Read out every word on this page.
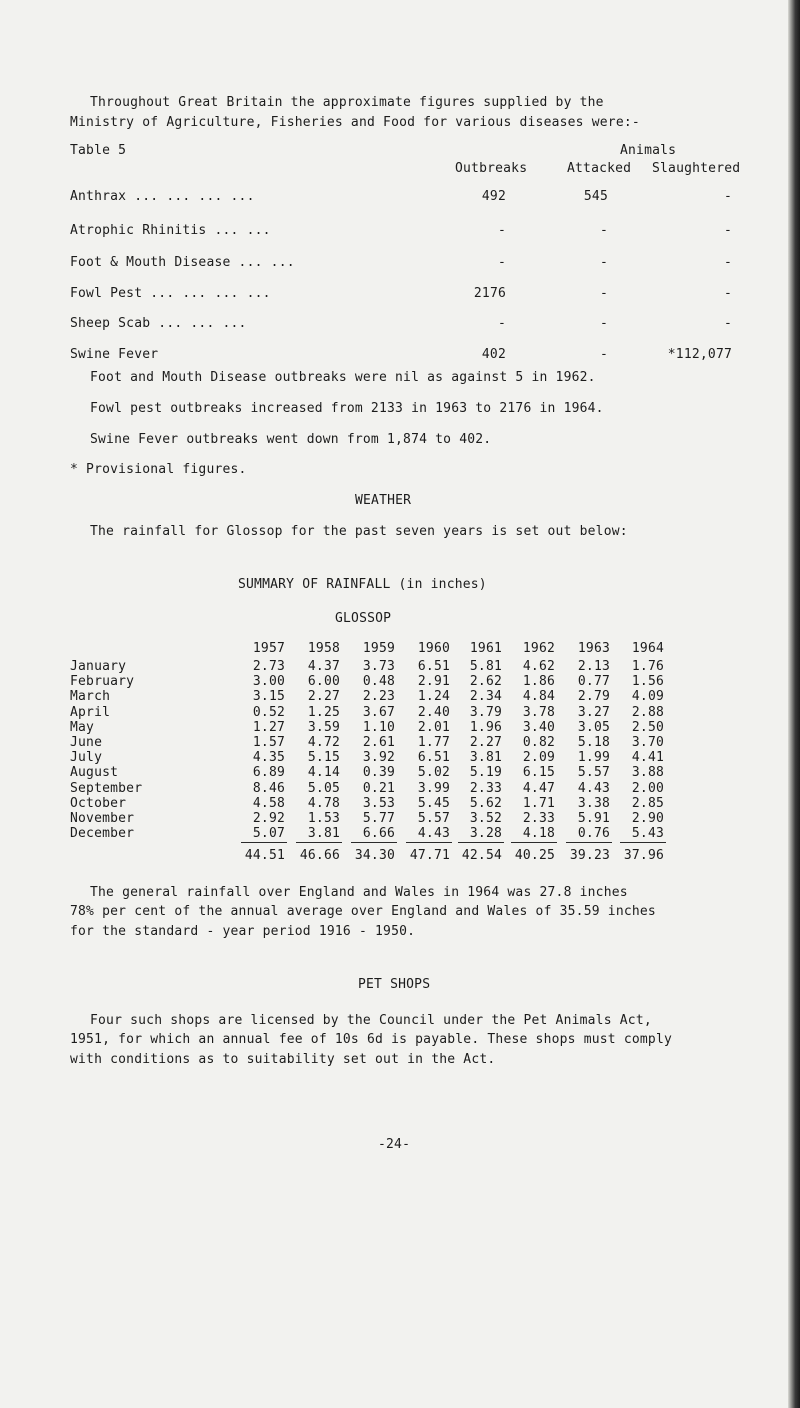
Throughout Great Britain the approximate figures supplied by the
Ministry of Agriculture, Fisheries and Food for various diseases were:-
Table 5	Animals
Outbreaks	Attacked Slaughtered
Anthrax ... ... ... ...	492	545	-
Atrophic Rhinitis ... ...	-	-	-
Foot & Mouth Disease ... ...	-	-	-
Fowl Pest ... ... ... ...	2176	-	-
Sheep Scab ... ... ...	-	-	-
Swine Fever	402	-	*112,077
Foot and Mouth Disease outbreaks were nil as against 5 in 1962.
Fowl pest outbreaks increased from 2133 in 1963 to 2176 in 1964.
Swine Fever outbreaks went down from 1,874 to 402.
* Provisional figures.
WEATHER
The rainfall for Glossop for the past seven years is set out below:
SUMMARY OF RAINFALL (in inches)
GLOSSOP
1957	1958	1959	1960	1961	1962	1963	1964
January	2.73	4.37	3.73	6.51	5.81	4.62	2.13	1.76
February	3.00	6.00	0.48	2.91	2.62	1.86	0.77	1.56
March	3.15	2.27	2.23	1.24	2.34	4.84	2.79	4.09
April	0.52	1.25	3.67	2.40	3.79	3.78	3.27	2.88
May	1.27	3.59	1.10	2.01	1.96	3.40	3.05	2.50
June	1.57	4.72	2.61	1.77	2.27	0.82	5.18	3.70
July	4.35	5.15	3.92	6.51	3.81	2.09	1.99	4.41
August	6.89	4.14	0.39	5.02	5.19	6.15	5.57	3.88
September	8.46	5.05	0.21	3.99	2.33	4.47	4.43	2.00
October	4.58	4.78	3.53	5.45	5.62	1.71	3.38	2.85
November	2.92	1.53	5.77	5.57	3.52	2.33	5.91	2.90
December	5.07	3.81	6.66	4.43	3.28	4.18	0.76	5.43
44.51	46.66	34.30	47.71 42.54 40.25	39.23	37.96
The general rainfall over England and Wales in 1964 was 27.8 inches
78% per cent of the annual average over England and Wales of 35.59 inches
for the standard - year period 1916 - 1950.
PET SHOPS
Four such shops are licensed by the Council under the Pet Animals Act,
1951, for which an annual fee of 10s 6d is payable. These shops must comply
with conditions as to suitability set out in the Act.
-24-
